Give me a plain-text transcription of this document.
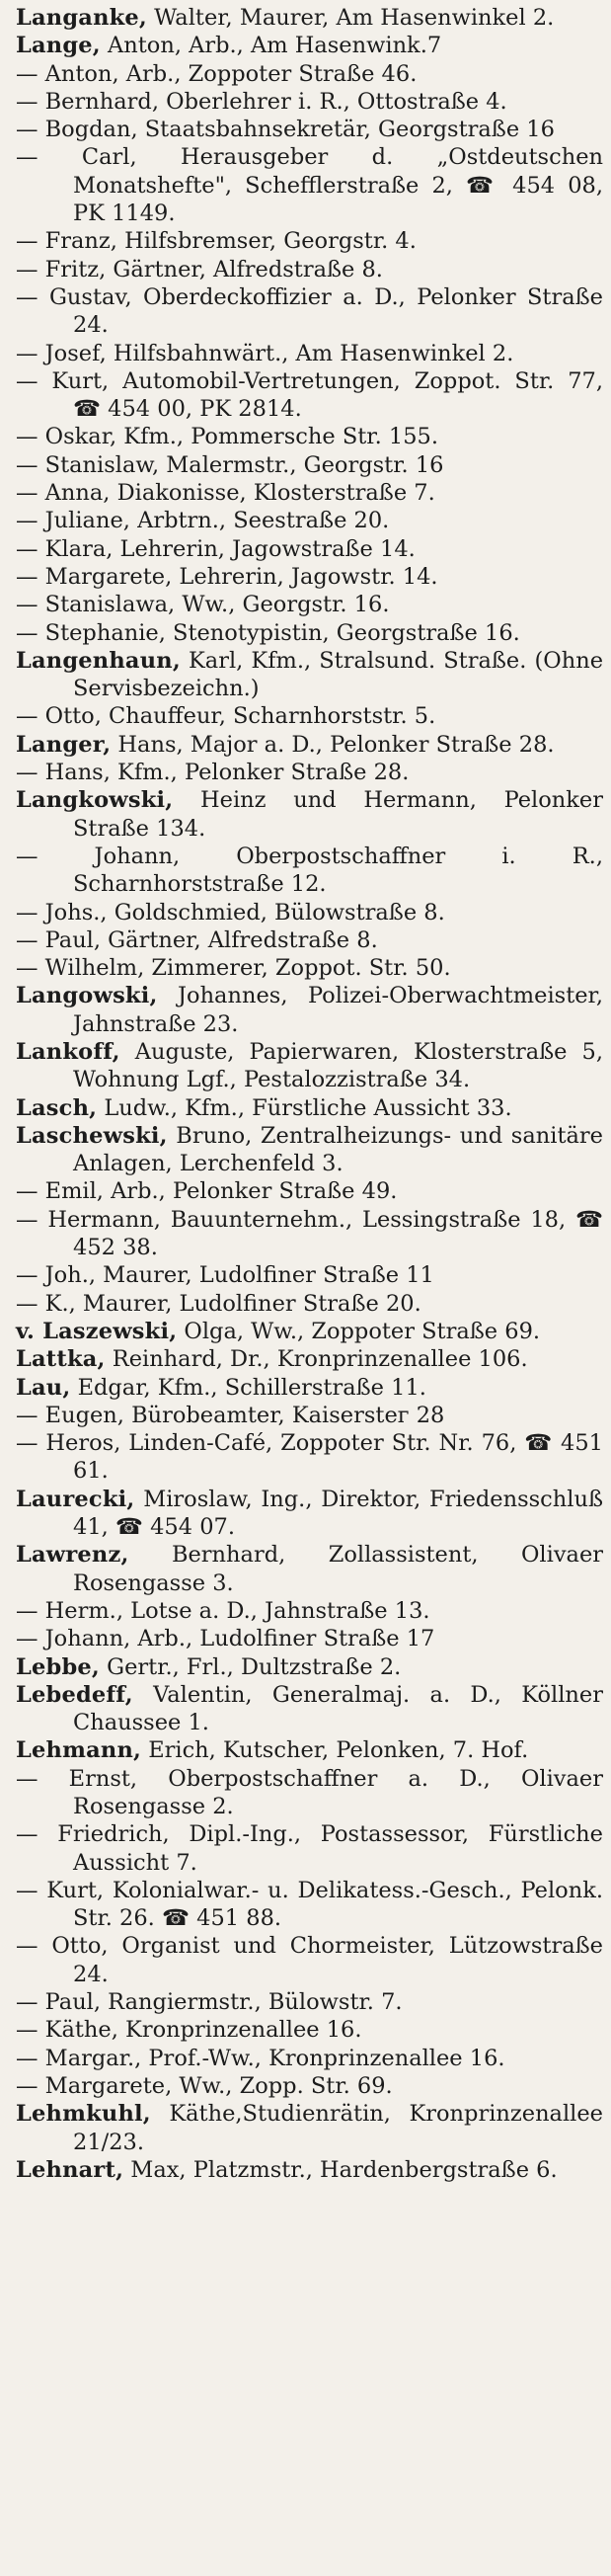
Langanke, Walter, Maurer, Am Hasenwinkel 2.

Lange, Anton, Arb., Am Hasenwink.7

— Anton, Arb., Zoppoter Straße 46.

— Bernhard, Oberlehrer i. R., Ottostraße 4.

— Bogdan, Staatsbahnsekretär, Georgstraße 16

— Carl, Herausgeber d. „Ostdeutschen Monatshefte", Schefflerstraße 2, ☎ 454 08, PK 1149.

— Franz, Hilfsbremser, Georgstr. 4.

— Fritz, Gärtner, Alfredstraße 8.

— Gustav, Oberdeckoffizier a. D., Pelonker Straße 24.

— Josef, Hilfsbahnwärt., Am Hasenwinkel 2.

— Kurt, Automobil-Vertretungen, Zoppot. Str. 77, ☎ 454 00, PK 2814.

— Oskar, Kfm., Pommersche Str. 155.

— Stanislaw, Malermstr., Georgstr. 16

— Anna, Diakonisse, Klosterstraße 7.

— Juliane, Arbtrn., Seestraße 20.

— Klara, Lehrerin, Jagowstraße 14.

— Margarete, Lehrerin, Jagowstr. 14.

— Stanislawa, Ww., Georgstr. 16.

— Stephanie, Stenotypistin, Georgstraße 16.

Langenhaun, Karl, Kfm., Stralsund. Straße. (Ohne Servisbezeichn.)

— Otto, Chauffeur, Scharnhorststr. 5.

Langer, Hans, Major a. D., Pelonker Straße 28.

— Hans, Kfm., Pelonker Straße 28.

Langkowski, Heinz und Hermann, Pelonker Straße 134.

— Johann, Oberpostschaffner i. R., Scharnhorststraße 12.

— Johs., Goldschmied, Bülowstraße 8.

— Paul, Gärtner, Alfredstraße 8.

— Wilhelm, Zimmerer, Zoppot. Str. 50.

Langowski, Johannes, Polizei-Oberwachtmeister, Jahnstraße 23.

Lankoff, Auguste, Papierwaren, Klosterstraße 5, Wohnung Lgf., Pestalozzistraße 34.

Lasch, Ludw., Kfm., Fürstliche Aussicht 33.

Laschewski, Bruno, Zentralheizungs- und sanitäre Anlagen, Lerchenfeld 3.

— Emil, Arb., Pelonker Straße 49.

— Hermann, Bauunternehm., Lessingstraße 18, ☎ 452 38.

— Joh., Maurer, Ludolfiner Straße 11

— K., Maurer, Ludolfiner Straße 20.

v. Laszewski, Olga, Ww., Zoppoter Straße 69.

Lattka, Reinhard, Dr., Kronprinzenallee 106.

Lau, Edgar, Kfm., Schillerstraße 11.

— Eugen, Bürobeamter, Kaiserstег 28

— Heros, Linden-Café, Zoppoter Str. Nr. 76, ☎ 451 61.

Laurecki, Miroslaw, Ing., Direktor, Friedensschluß 41, ☎ 454 07.

Lawrenz, Bernhard, Zollassistent, Olivaer Rosengasse 3.

— Herm., Lotse a. D., Jahnstraße 13.

— Johann, Arb., Ludolfiner Straße 17

Lebbe, Gertr., Frl., Dultzstraße 2.

Lebedeff, Valentin, Generalmaj. a. D., Köllner Chaussee 1.

Lehmann, Erich, Kutscher, Pelonken, 7. Hof.

— Ernst, Oberpostschaffner a. D., Olivaer Rosengasse 2.

— Friedrich, Dipl.-Ing., Postassessor, Fürstliche Aussicht 7.

— Kurt, Kolonialwar.- u. Delikatess.-Gesch., Pelonk. Str. 26. ☎ 451 88.

— Otto, Organist und Chormeister, Lützowstraße 24.

— Paul, Rangiermstr., Bülowstr. 7.

— Käthe, Kronprinzenallee 16.

— Margar., Prof.-Ww., Kronprinzenallee 16.

— Margarete, Ww., Zopp. Str. 69.

Lehmkuhl, Käthe,Studienrätin, Kronprinzenallee 21/23.

Lehnart, Max, Platzmstr., Hardenbergstraße 6.
